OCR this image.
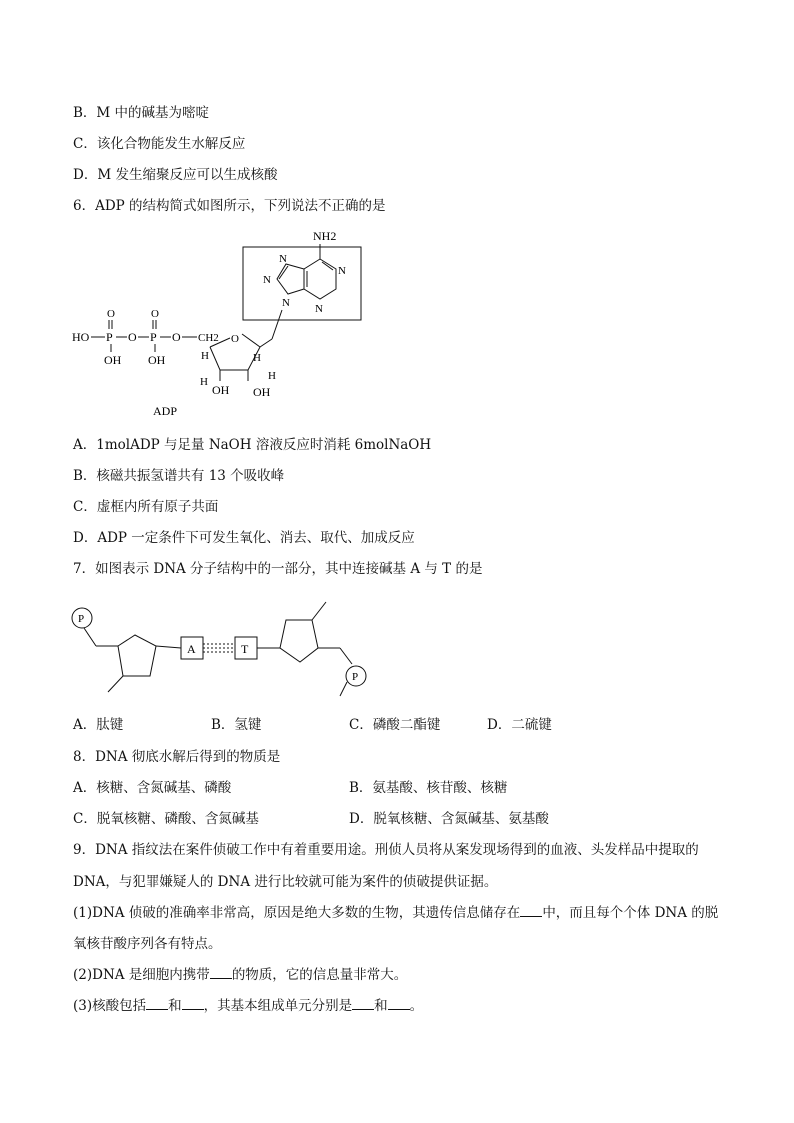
B．M 中的碱基为嘧啶
C．该化合物能发生水解反应
D．M 发生缩聚反应可以生成核酸
6．ADP 的结构简式如图所示，下列说法不正确的是
NH2
N
N
N
N
N
HO P
O
OH
O P
O
OH
O CH2 O
H	H
H	H
OH OH
ADP
A．1molADP 与足量 NaOH 溶液反应时消耗 6molNaOH
B．核磁共振氢谱共有 13 个吸收峰
C．虚框内所有原子共面
D．ADP 一定条件下可发生氧化、消去、取代、加成反应
7．如图表示 DNA 分子结构中的一部分，其中连接碱基 A 与 T 的是
P
A	T
P
A．肽键	B．氢键	C．磷酸二酯键	D．二硫键
8．DNA 彻底水解后得到的物质是
A．核糖、含氮碱基、磷酸	B．氨基酸、核苷酸、核糖
C．脱氧核糖、磷酸、含氮碱基	D．脱氧核糖、含氮碱基、氨基酸
9．DNA 指纹法在案件侦破工作中有着重要用途。刑侦人员将从案发现场得到的血液、头发样品中提取的
DNA，与犯罪嫌疑人的 DNA 进行比较就可能为案件的侦破提供证据。
(1)DNA 侦破的准确率非常高，原因是绝大多数的生物，其遗传信息储存在 中，而且每个个体 DNA 的脱
氧核苷酸序列各有特点。
(2)DNA 是细胞内携带 的物质，它的信息量非常大。
(3)核酸包括 和 ，其基本组成单元分别是 和 。
